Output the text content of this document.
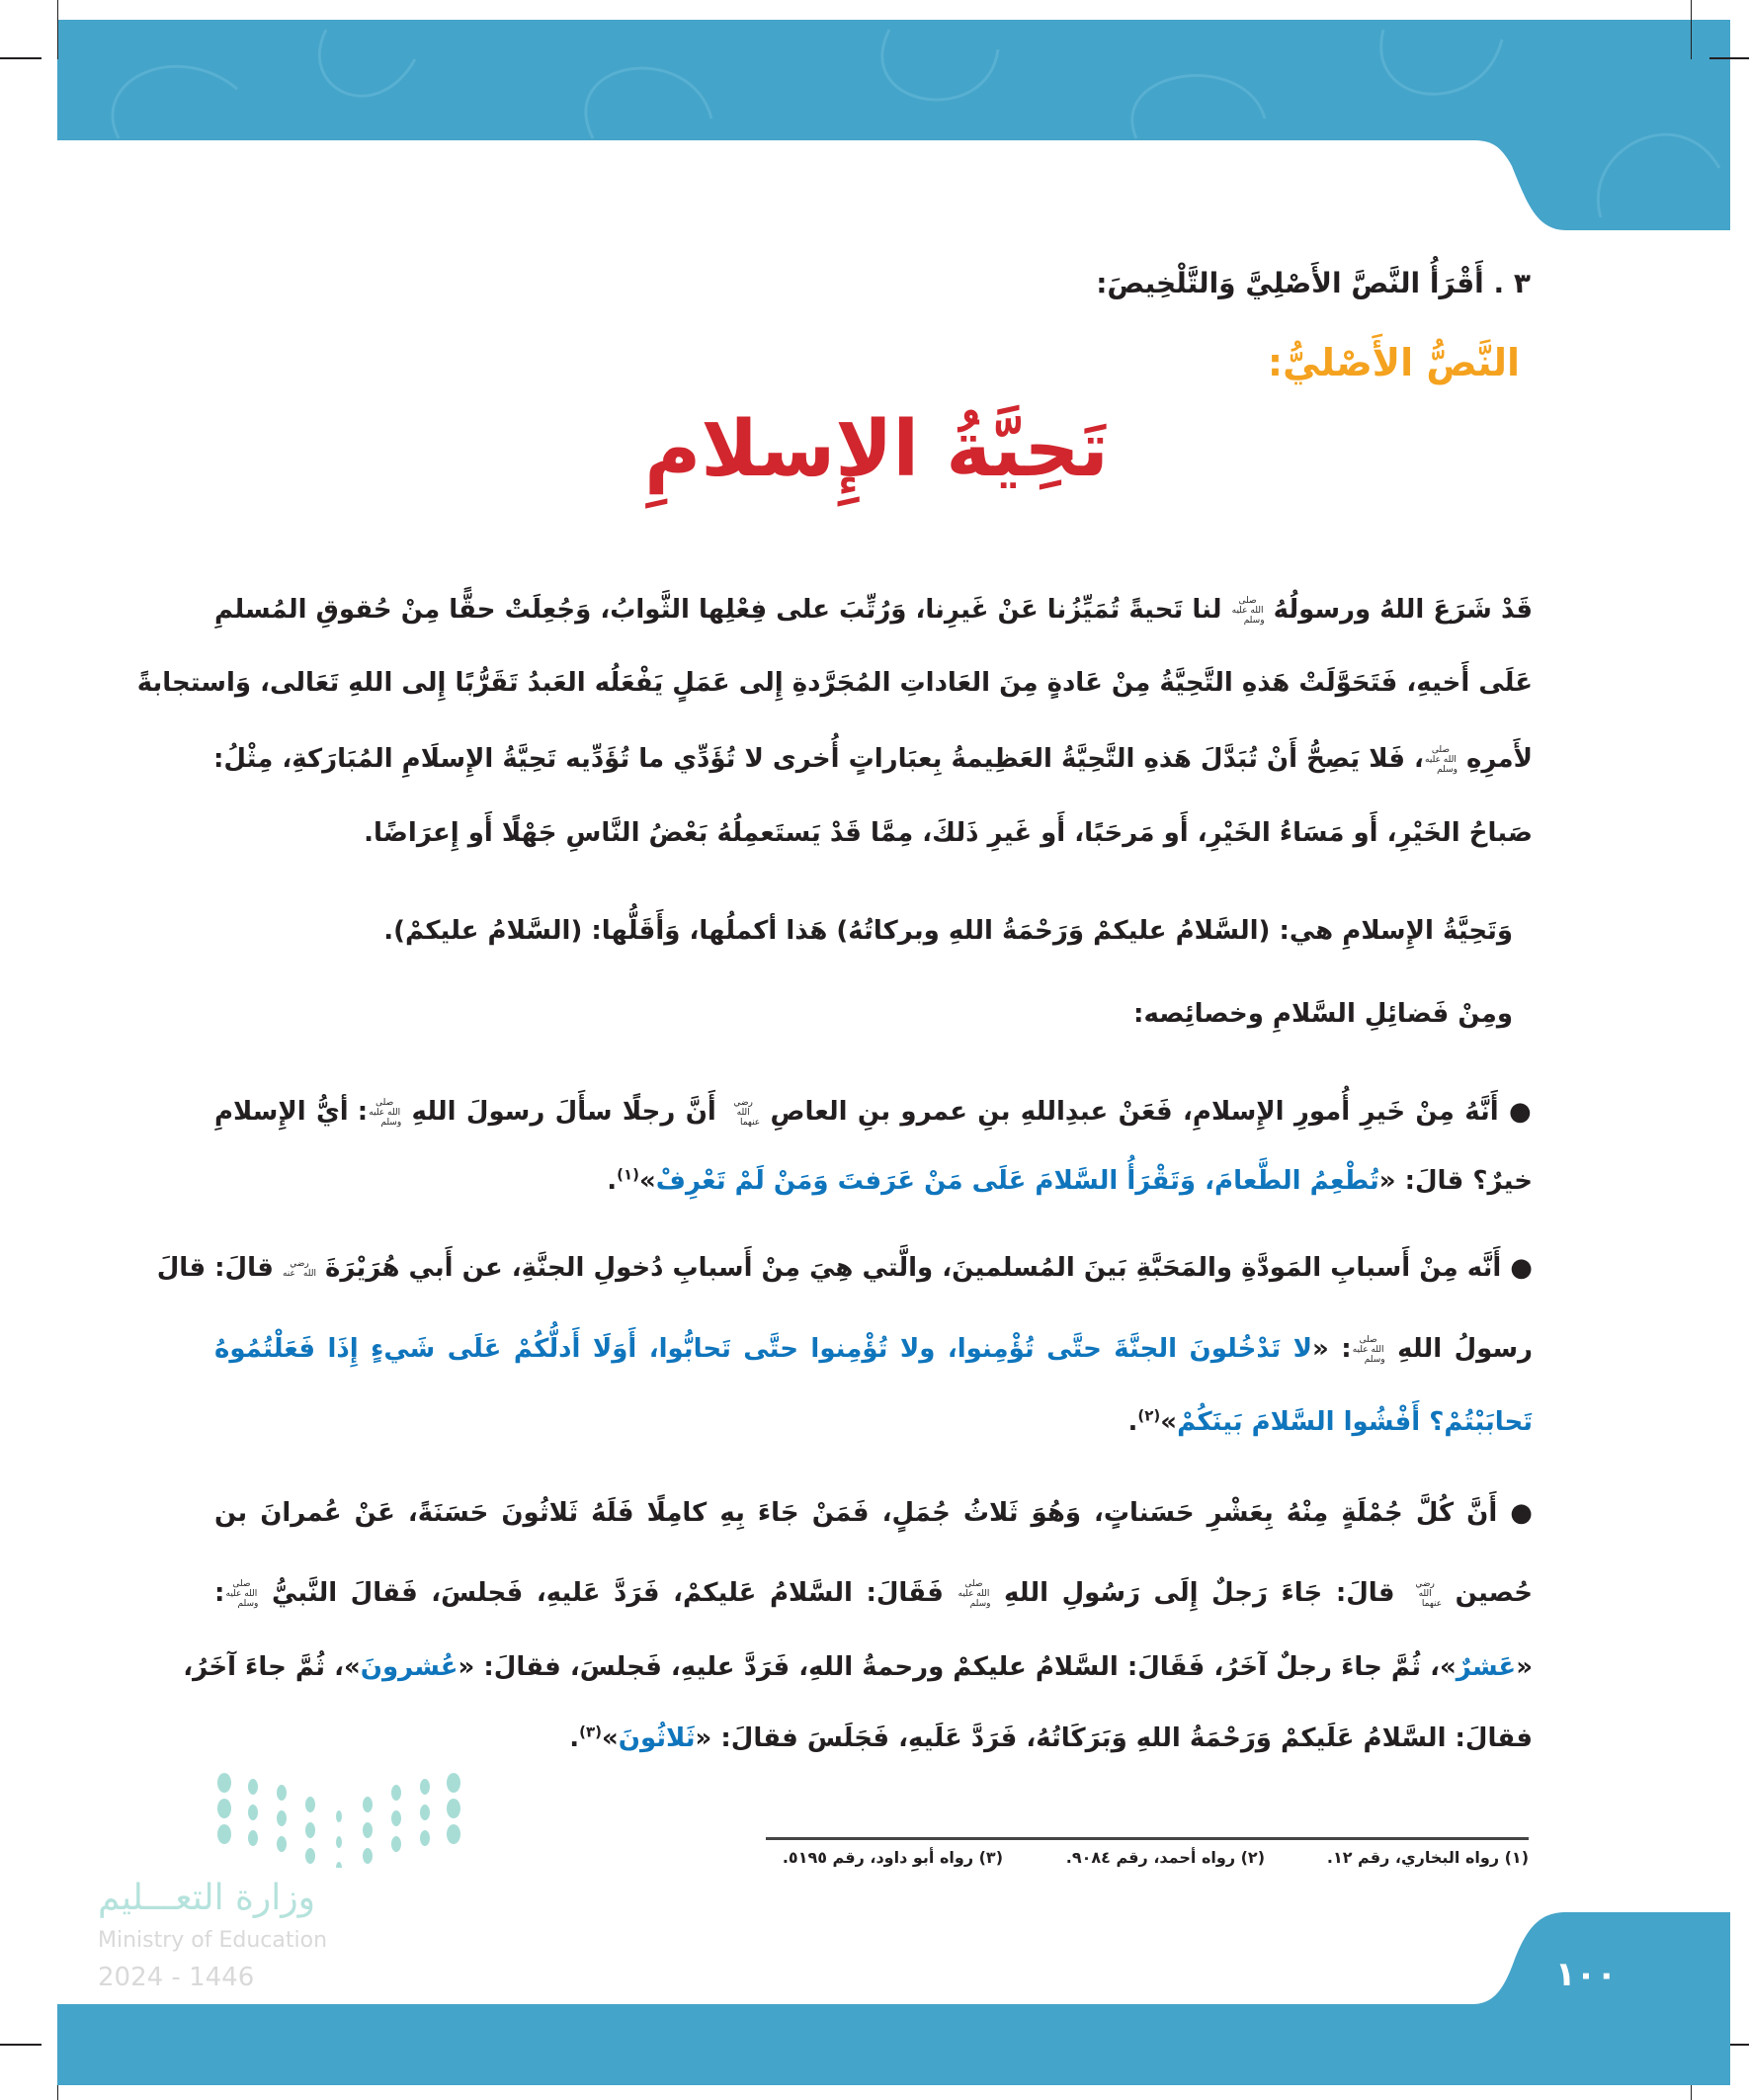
٣ . أَقْرَأُ النَّصَّ الأَصْلِيَّ وَالتَّلْخِيصَ:
النَّصُّ الأَصْليُّ:
تَحِيَّةُ الإِسلامِ
قَدْ شَرَعَ اللهُ ورسولُهُ صلى الله عليه وسلم لنا تَحيةً تُمَيِّزُنا عَنْ غَيرِنا، وَرُتِّبَ على فِعْلِها الثَّوابُ، وَجُعِلَتْ حقًّا مِنْ حُقوقِ المُسلمِ
عَلَى أَخيهِ، فَتَحَوَّلَتْ هَذهِ التَّحِيَّةُ مِنْ عَادةٍ مِنَ العَاداتِ المُجَرَّدةِ إِلى عَمَلٍ يَفْعَلُه العَبدُ تَقَرُّبًا إِلى اللهِ تَعَالى، وَاستجابةً
لأَمرِهِ صلى الله عليه وسلم، فَلا يَصِحُّ أَنْ تُبَدَّلَ هَذهِ التَّحِيَّةُ العَظِيمةُ بِعبَاراتٍ أُخرى لا تُؤَدِّي ما تُؤَدِّيه تَحِيَّةُ الإِسلَامِ المُبَارَكةِ، مِثْلُ:
صَباحُ الخَيْرِ، أَو مَسَاءُ الخَيْرِ، أَو مَرحَبًا، أَو غَيرِ ذَلكَ، مِمَّا قَدْ يَستَعمِلُهُ بَعْضُ النَّاسِ جَهْلًا أَو إِعرَاضًا.
وَتَحِيَّةُ الإِسلامِ هي: (السَّلامُ عليكمْ وَرَحْمَةُ اللهِ وبركاتُهُ) هَذا أكملُها، وَأَقَلُّها: (السَّلامُ عليكمْ).
ومِنْ فَضائِلِ السَّلامِ وخصائِصه:
● أَنَّهُ مِنْ خَيرِ أُمورِ الإِسلامِ، فَعَنْ عبدِاللهِ بنِ عمرو بنِ العاصِ رضي الله عنهما أَنَّ رجلًا سأَلَ رسولَ اللهِ صلى الله عليه وسلم: أيُّ الإِسلامِ
خيرٌ؟ قالَ: «تُطْعِمُ الطَّعامَ، وَتَقْرَأُ السَّلامَ عَلَى مَنْ عَرَفتَ وَمَنْ لَمْ تَعْرِفْ»$^{(١)}$.
● أَنَّه مِنْ أَسبابِ المَودَّةِ والمَحَبَّةِ بَينَ المُسلمينَ، والَّتي هِيَ مِنْ أَسبابِ دُخولِ الجنَّةِ، عن أَبي هُرَيْرَةَ رضي الله عنه قالَ: قالَ
رسولُ اللهِ صلى الله عليه وسلم: «لا تَدْخُلونَ الجنَّةَ حتَّى تُؤْمِنوا، ولا تُؤْمِنوا حتَّى تَحابُّوا، أَوَلَا أَدلُّكُمْ عَلَى شَيءٍ إِذَا فَعَلْتُمُوهُ
تَحابَبْتُمْ؟ أَفْشُوا السَّلامَ بَينَكُمْ»$^{(٢)}$.
● أَنَّ كُلَّ جُمْلَةٍ مِنْهُ بِعَشْرِ حَسَناتٍ، وَهُوَ ثَلاثُ جُمَلٍ، فَمَنْ جَاءَ بِهِ كامِلًا فَلَهُ ثَلاثُونَ حَسَنَةً، عَنْ عُمرانَ بن
حُصين رضي الله عنهما قالَ: جَاءَ رَجلٌ إِلَى رَسُولِ اللهِ صلى الله عليه وسلم فَقَالَ: السَّلامُ عَليكمْ، فَرَدَّ عَليهِ، فَجلسَ، فَقالَ النَّبيُّ صلى الله عليه وسلم:
«عَشرٌ»، ثُمَّ جاءَ رجلٌ آخَرُ، فَقَالَ: السَّلامُ عليكمْ ورحمةُ اللهِ، فَرَدَّ عليهِ، فَجلسَ، فقالَ: «عُشرونَ»، ثُمَّ جاءَ آخَرُ،
فقالَ: السَّلامُ عَلَيكمْ وَرَحْمَةُ اللهِ وَبَرَكَاتُهُ، فَرَدَّ عَلَيهِ، فَجَلَسَ فقالَ: «ثَلاثُونَ»$^{(٣)}$.
(١) رواه البخاري، رقم ١٢.
(٢) رواه أحمد، رقم ٩٠٨٤.
(٣) رواه أبو داود، رقم ٥١٩٥.
وزارة التعـــليم
Ministry of Education
2024 - 1446	١٠٠
